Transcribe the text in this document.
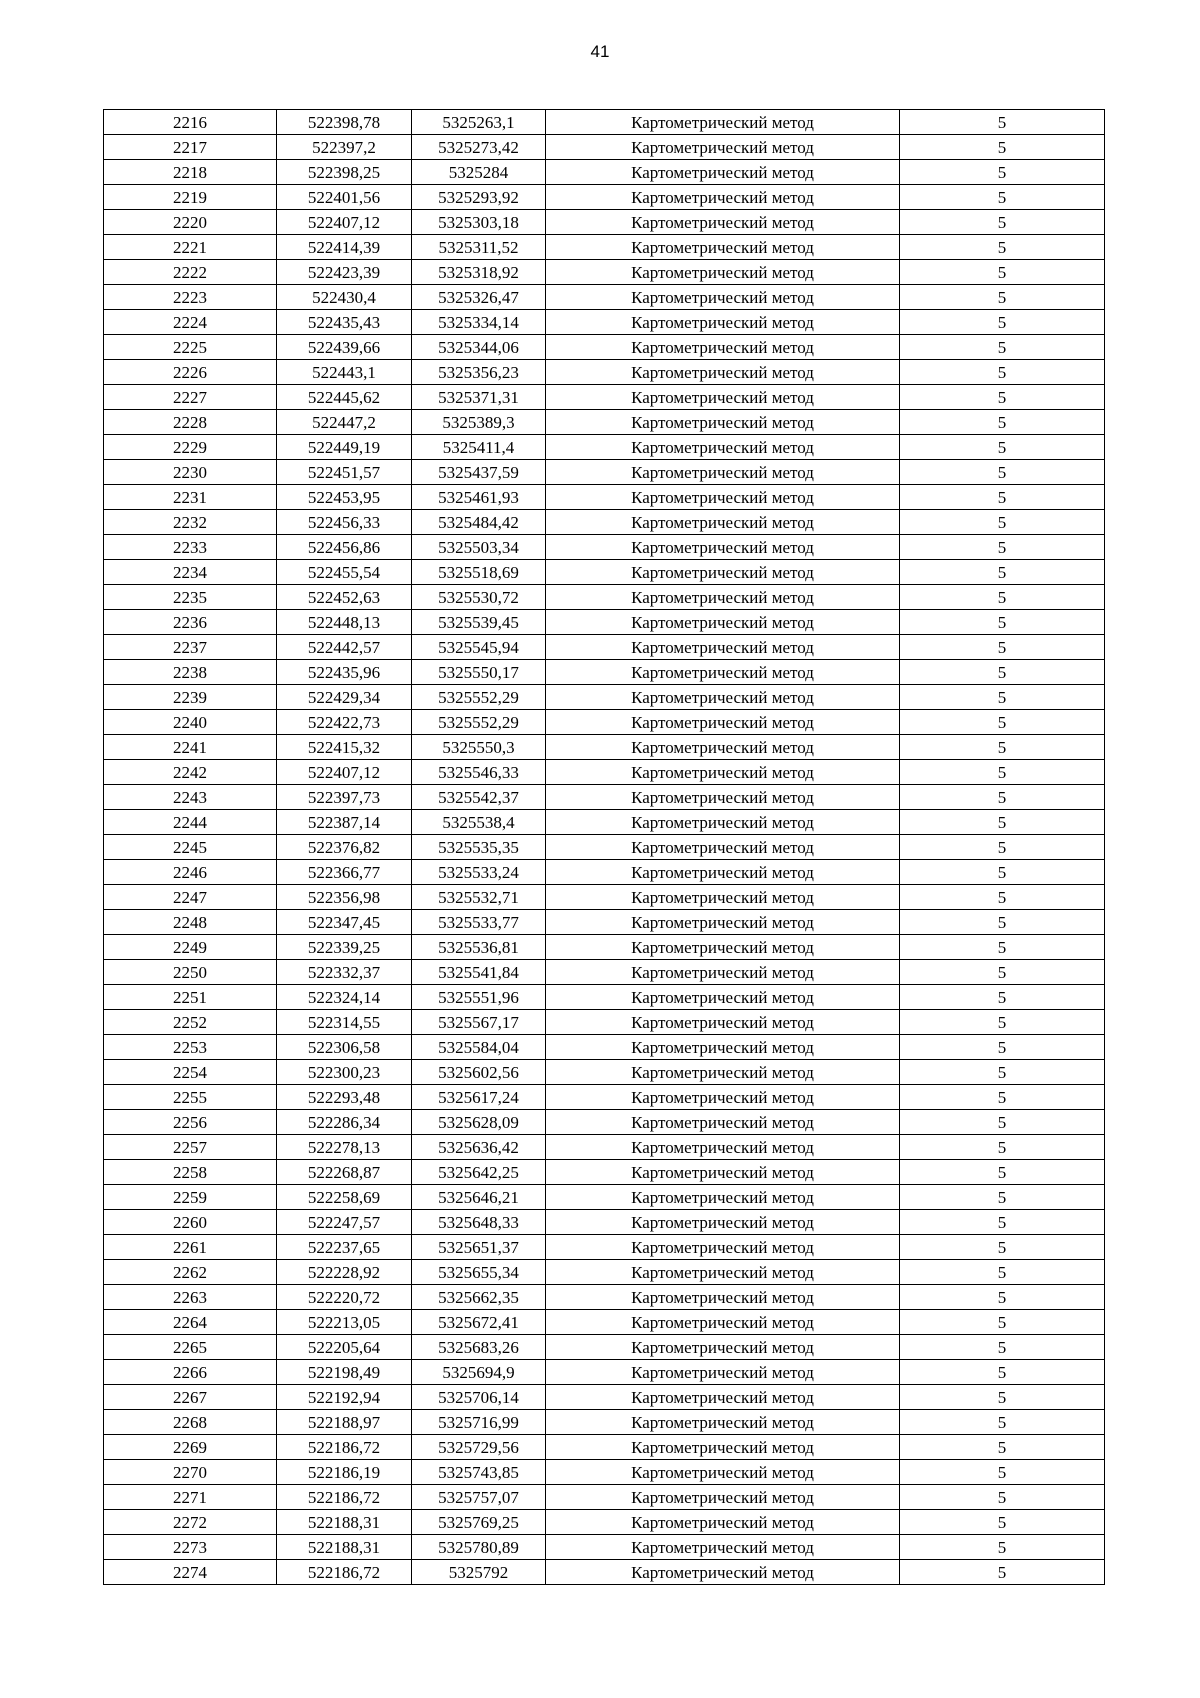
41
2216	522398,78	5325263,1	Картометрический метод	5
2217	522397,2	5325273,42	Картометрический метод	5
2218	522398,25	5325284	Картометрический метод	5
2219	522401,56	5325293,92	Картометрический метод	5
2220	522407,12	5325303,18	Картометрический метод	5
2221	522414,39	5325311,52	Картометрический метод	5
2222	522423,39	5325318,92	Картометрический метод	5
2223	522430,4	5325326,47	Картометрический метод	5
2224	522435,43	5325334,14	Картометрический метод	5
2225	522439,66	5325344,06	Картометрический метод	5
2226	522443,1	5325356,23	Картометрический метод	5
2227	522445,62	5325371,31	Картометрический метод	5
2228	522447,2	5325389,3	Картометрический метод	5
2229	522449,19	5325411,4	Картометрический метод	5
2230	522451,57	5325437,59	Картометрический метод	5
2231	522453,95	5325461,93	Картометрический метод	5
2232	522456,33	5325484,42	Картометрический метод	5
2233	522456,86	5325503,34	Картометрический метод	5
2234	522455,54	5325518,69	Картометрический метод	5
2235	522452,63	5325530,72	Картометрический метод	5
2236	522448,13	5325539,45	Картометрический метод	5
2237	522442,57	5325545,94	Картометрический метод	5
2238	522435,96	5325550,17	Картометрический метод	5
2239	522429,34	5325552,29	Картометрический метод	5
2240	522422,73	5325552,29	Картометрический метод	5
2241	522415,32	5325550,3	Картометрический метод	5
2242	522407,12	5325546,33	Картометрический метод	5
2243	522397,73	5325542,37	Картометрический метод	5
2244	522387,14	5325538,4	Картометрический метод	5
2245	522376,82	5325535,35	Картометрический метод	5
2246	522366,77	5325533,24	Картометрический метод	5
2247	522356,98	5325532,71	Картометрический метод	5
2248	522347,45	5325533,77	Картометрический метод	5
2249	522339,25	5325536,81	Картометрический метод	5
2250	522332,37	5325541,84	Картометрический метод	5
2251	522324,14	5325551,96	Картометрический метод	5
2252	522314,55	5325567,17	Картометрический метод	5
2253	522306,58	5325584,04	Картометрический метод	5
2254	522300,23	5325602,56	Картометрический метод	5
2255	522293,48	5325617,24	Картометрический метод	5
2256	522286,34	5325628,09	Картометрический метод	5
2257	522278,13	5325636,42	Картометрический метод	5
2258	522268,87	5325642,25	Картометрический метод	5
2259	522258,69	5325646,21	Картометрический метод	5
2260	522247,57	5325648,33	Картометрический метод	5
2261	522237,65	5325651,37	Картометрический метод	5
2262	522228,92	5325655,34	Картометрический метод	5
2263	522220,72	5325662,35	Картометрический метод	5
2264	522213,05	5325672,41	Картометрический метод	5
2265	522205,64	5325683,26	Картометрический метод	5
2266	522198,49	5325694,9	Картометрический метод	5
2267	522192,94	5325706,14	Картометрический метод	5
2268	522188,97	5325716,99	Картометрический метод	5
2269	522186,72	5325729,56	Картометрический метод	5
2270	522186,19	5325743,85	Картометрический метод	5
2271	522186,72	5325757,07	Картометрический метод	5
2272	522188,31	5325769,25	Картометрический метод	5
2273	522188,31	5325780,89	Картометрический метод	5
2274	522186,72	5325792	Картометрический метод	5
